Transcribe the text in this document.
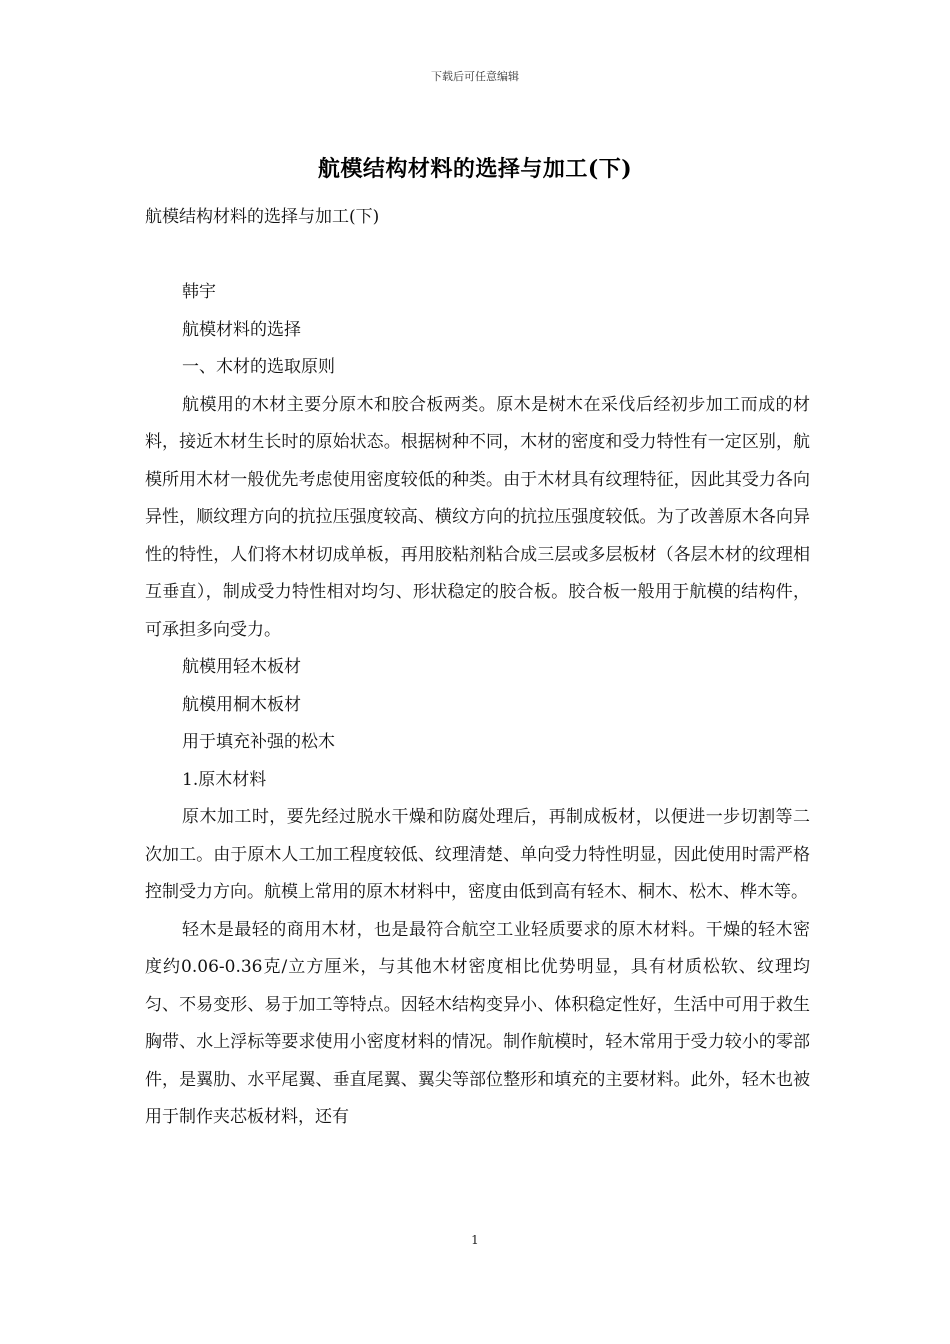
下载后可任意编辑
航模结构材料的选择与加工(下)

航模结构材料的选择与加工(下)

韩宇

航模材料的选择

一、木材的选取原则

航模用的木材主要分原木和胶合板两类。原木是树木在采伐后经初步加工而成的材料，接近木材生长时的原始状态。根据树种不同，木材的密度和受力特性有一定区别，航模所用木材一般优先考虑使用密度较低的种类。由于木材具有纹理特征，因此其受力各向异性，顺纹理方向的抗拉压强度较高、横纹方向的抗拉压强度较低。为了改善原木各向异性的特性，人们将木材切成单板，再用胶粘剂粘合成三层或多层板材（各层木材的纹理相互垂直），制成受力特性相对均匀、形状稳定的胶合板。胶合板一般用于航模的结构件，可承担多向受力。

航模用轻木板材

航模用桐木板材

用于填充补强的松木

1.原木材料

原木加工时，要先经过脱水干燥和防腐处理后，再制成板材，以便进一步切割等二次加工。由于原木人工加工程度较低、纹理清楚、单向受力特性明显，因此使用时需严格控制受力方向。航模上常用的原木材料中，密度由低到高有轻木、桐木、松木、桦木等。

轻木是最轻的商用木材，也是最符合航空工业轻质要求的原木材料。干燥的轻木密度约0.06-0.36克/立方厘米，与其他木材密度相比优势明显，具有材质松软、纹理均匀、不易变形、易于加工等特点。因轻木结构变异小、体积稳定性好，生活中可用于救生胸带、水上浮标等要求使用小密度材料的情况。制作航模时，轻木常用于受力较小的零部件，是翼肋、水平尾翼、垂直尾翼、翼尖等部位整形和填充的主要材料。此外，轻木也被用于制作夹芯板材料，还有

1
